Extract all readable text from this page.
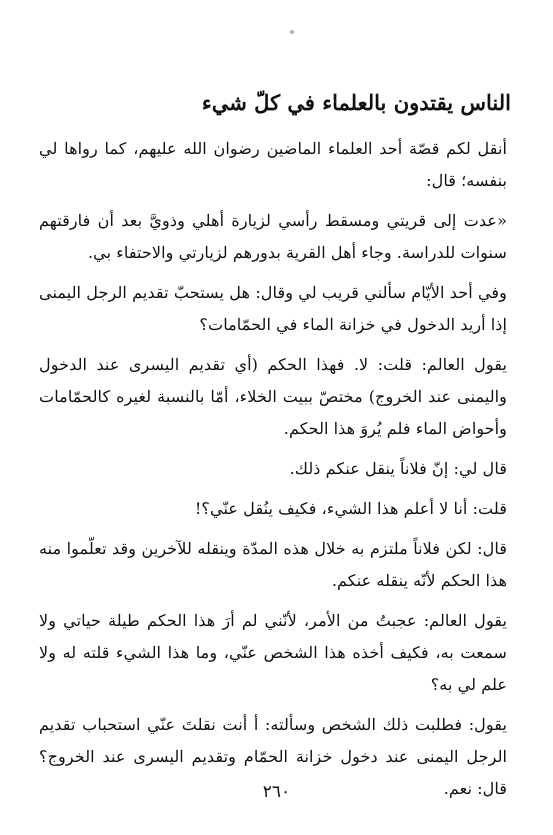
الناس يقتدون بالعلماء في كلّ شيء

أنقل لكم قصّة أحد العلماء الماضين رضوان الله عليهم، كما رواها لي بنفسه؛ قال:

«عدت إلى قريتي ومسقط رأسي لزيارة أهلي وذويَّ بعد أن فارقتهم سنوات للدراسة. وجاء أهل القرية بدورهم لزيارتي والاحتفاء بي.

وفي أحد الأيّام سألني قريب لي وقال: هل يستحبّ تقديم الرجل اليمنى إذا أريد الدخول في خزانة الماء في الحمّامات؟

يقول العالم: قلت: لا. فهذا الحكم (أي تقديم اليسرى عند الدخول واليمنى عند الخروج) مختصّ ببيت الخلاء، أمّا بالنسبة لغيره كالحمّامات وأحواض الماء فلم يُروَ هذا الحكم.

قال لي: إنّ فلاناً ينقل عنكم ذلك.

قلت: أنا لا أعلم هذا الشيء، فكيف ينُقل عنّي؟!

قال: لكن فلاناً ملتزم به خلال هذه المدّة وينقله للآخرين وقد تعلّموا منه هذا الحكم لأنّه ينقله عنكم.

يقول العالم: عجبتُ من الأمر، لأنّني لم أرَ هذا الحكم طيلة حياتي ولا سمعت به، فكيف أخذه هذا الشخص عنّي، وما هذا الشيء قلته له ولا علم لي به؟

يقول: فطلبت ذلك الشخص وسألته: أ أنت نقلتَ عنّي استحباب تقديم الرجل اليمنى عند دخول خزانة الحمّام وتقديم اليسرى عند الخروج؟ قال: نعم.

٢٦٠
